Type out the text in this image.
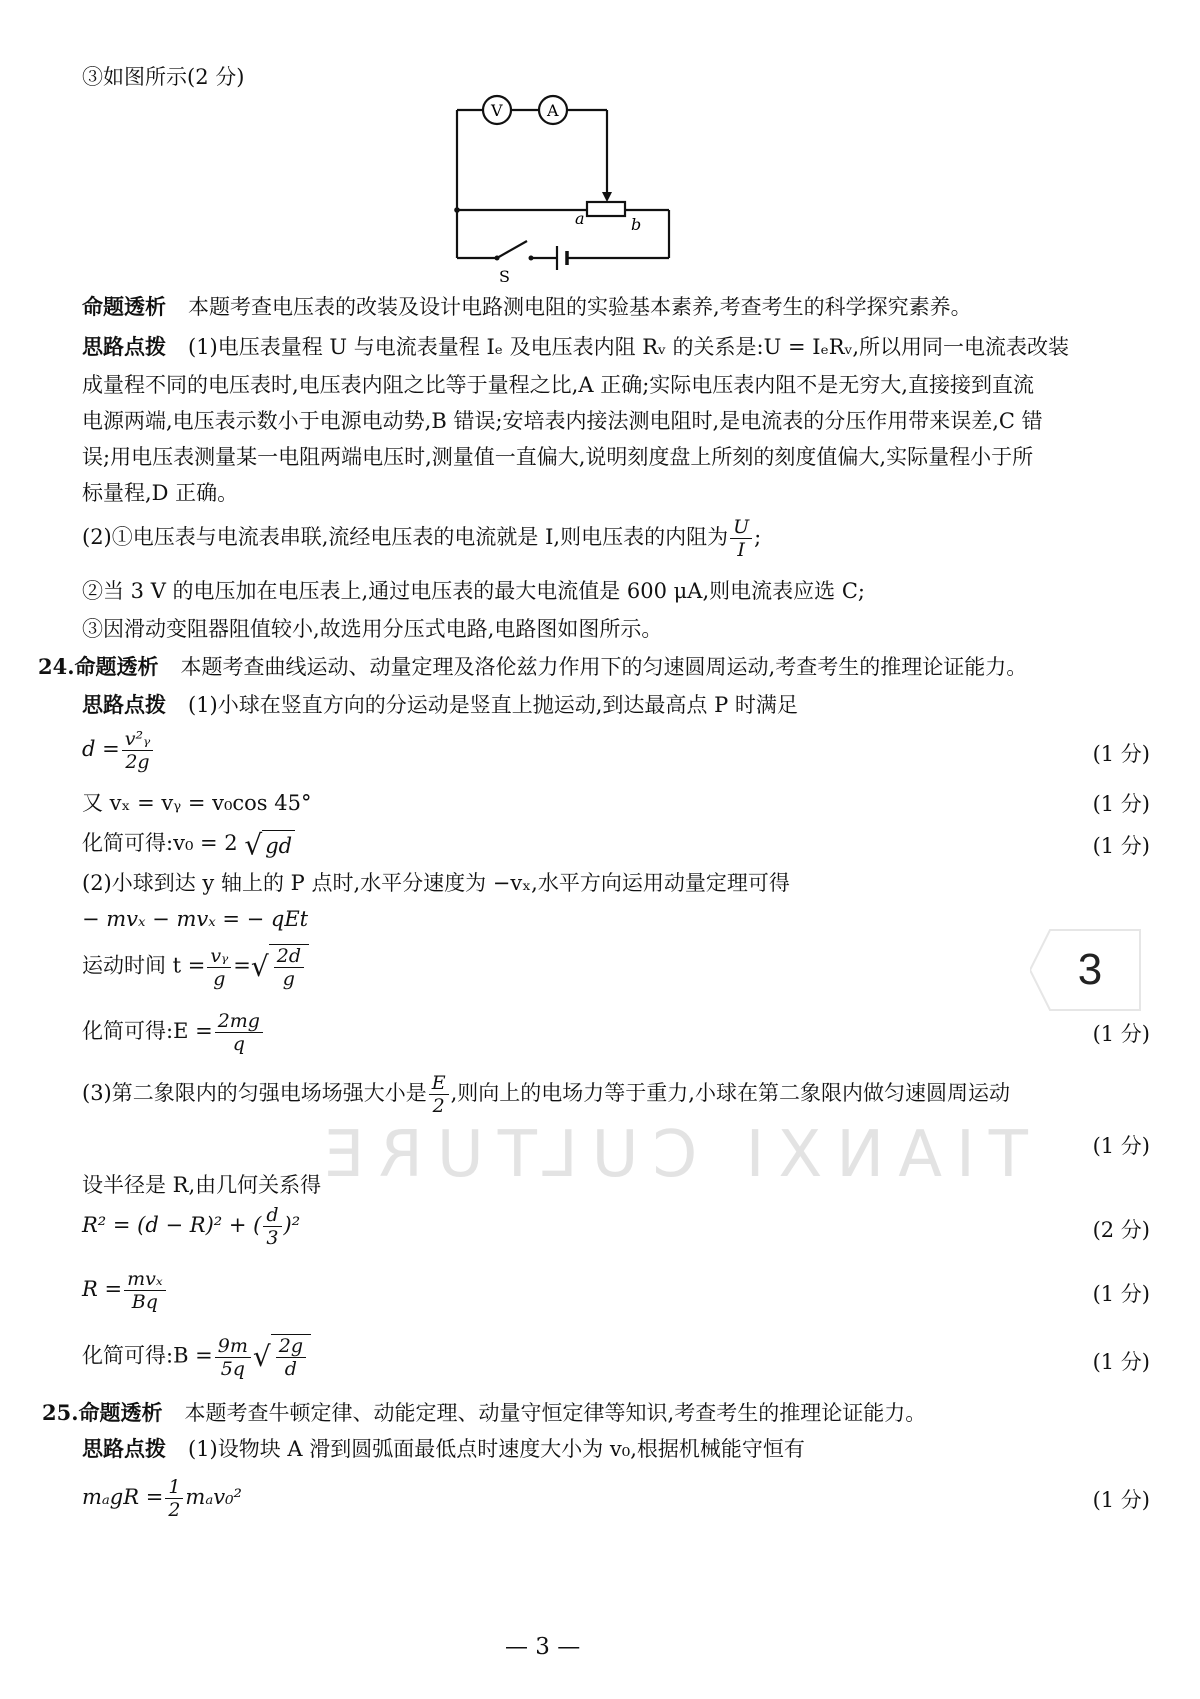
TIANXI CULTURE
3
③如图所示(2 分)
V	A
a	b
S
命题透析 本题考查电压表的改装及设计电路测电阻的实验基本素养,考查考生的科学探究素养。
思路点拨 (1)电压表量程 U 与电流表量程 Iₑ 及电压表内阻 Rᵥ 的关系是:U = IₑRᵥ,所以用同一电流表改装
成量程不同的电压表时,电压表内阻之比等于量程之比,A 正确;实际电压表内阻不是无穷大,直接接到直流
电源两端,电压表示数小于电源电动势,B 错误;安培表内接法测电阻时,是电流表的分压作用带来误差,C 错
误;用电压表测量某一电阻两端电压时,测量值一直偏大,说明刻度盘上所刻的刻度值偏大,实际量程小于所
标量程,D 正确。
(2)①电压表与电流表串联,流经电压表的电流就是 I,则电压表的内阻为 $\frac{U}{I}$ ;
②当 3 V 的电压加在电压表上,通过电压表的最大电流值是 600 μA,则电流表应选 C;
③因滑动变阻器阻值较小,故选用分压式电路,电路图如图所示。
24.命题透析 本题考查曲线运动、动量定理及洛伦兹力作用下的匀速圆周运动,考查考生的推理论证能力。
思路点拨 (1)小球在竖直方向的分运动是竖直上抛运动,到达最高点 P 时满足
$d = \frac{\text{v²ᵧ}}{2g}$	(1 分)
又 vₓ = vᵧ = v₀cos 45°	(1 分)
化简可得:v₀ = 2 √ gd	(1 分)
(2)小球到达 y 轴上的 P 点时,水平分速度为 −vₓ,水平方向运用动量定理可得
− mvₓ − mvₓ = − qEt
运动时间 $t = \frac{\text{vᵧ}}{g}$ =√ $\frac{2d}{g}$
化简可得:E = $\frac{2mg}{q}$	(1 分)
(3)第二象限内的匀强电场场强大小是 $\frac{E}{2}$ ,则向上的电场力等于重力,小球在第二象限内做匀速圆周运动
(1 分)
设半径是 R,由几何关系得
R² = (d − R)² + ( $\frac{d}{3} )^2$	(2 分)
$R = \frac{\text{mvₓ}}{Bq}$	(1 分)
化简可得:B = $\frac{9m}{5q}$ √ $\frac{2g}{d}$	(1 分)
25.命题透析 本题考查牛顿定律、动能定理、动量守恒定律等知识,考查考生的推理论证能力。
思路点拨 (1)设物块 A 滑到圆弧面最低点时速度大小为 v₀,根据机械能守恒有
$m_agR = \frac{1}{2} m_av_0^2$	(1 分)
— 3 —
